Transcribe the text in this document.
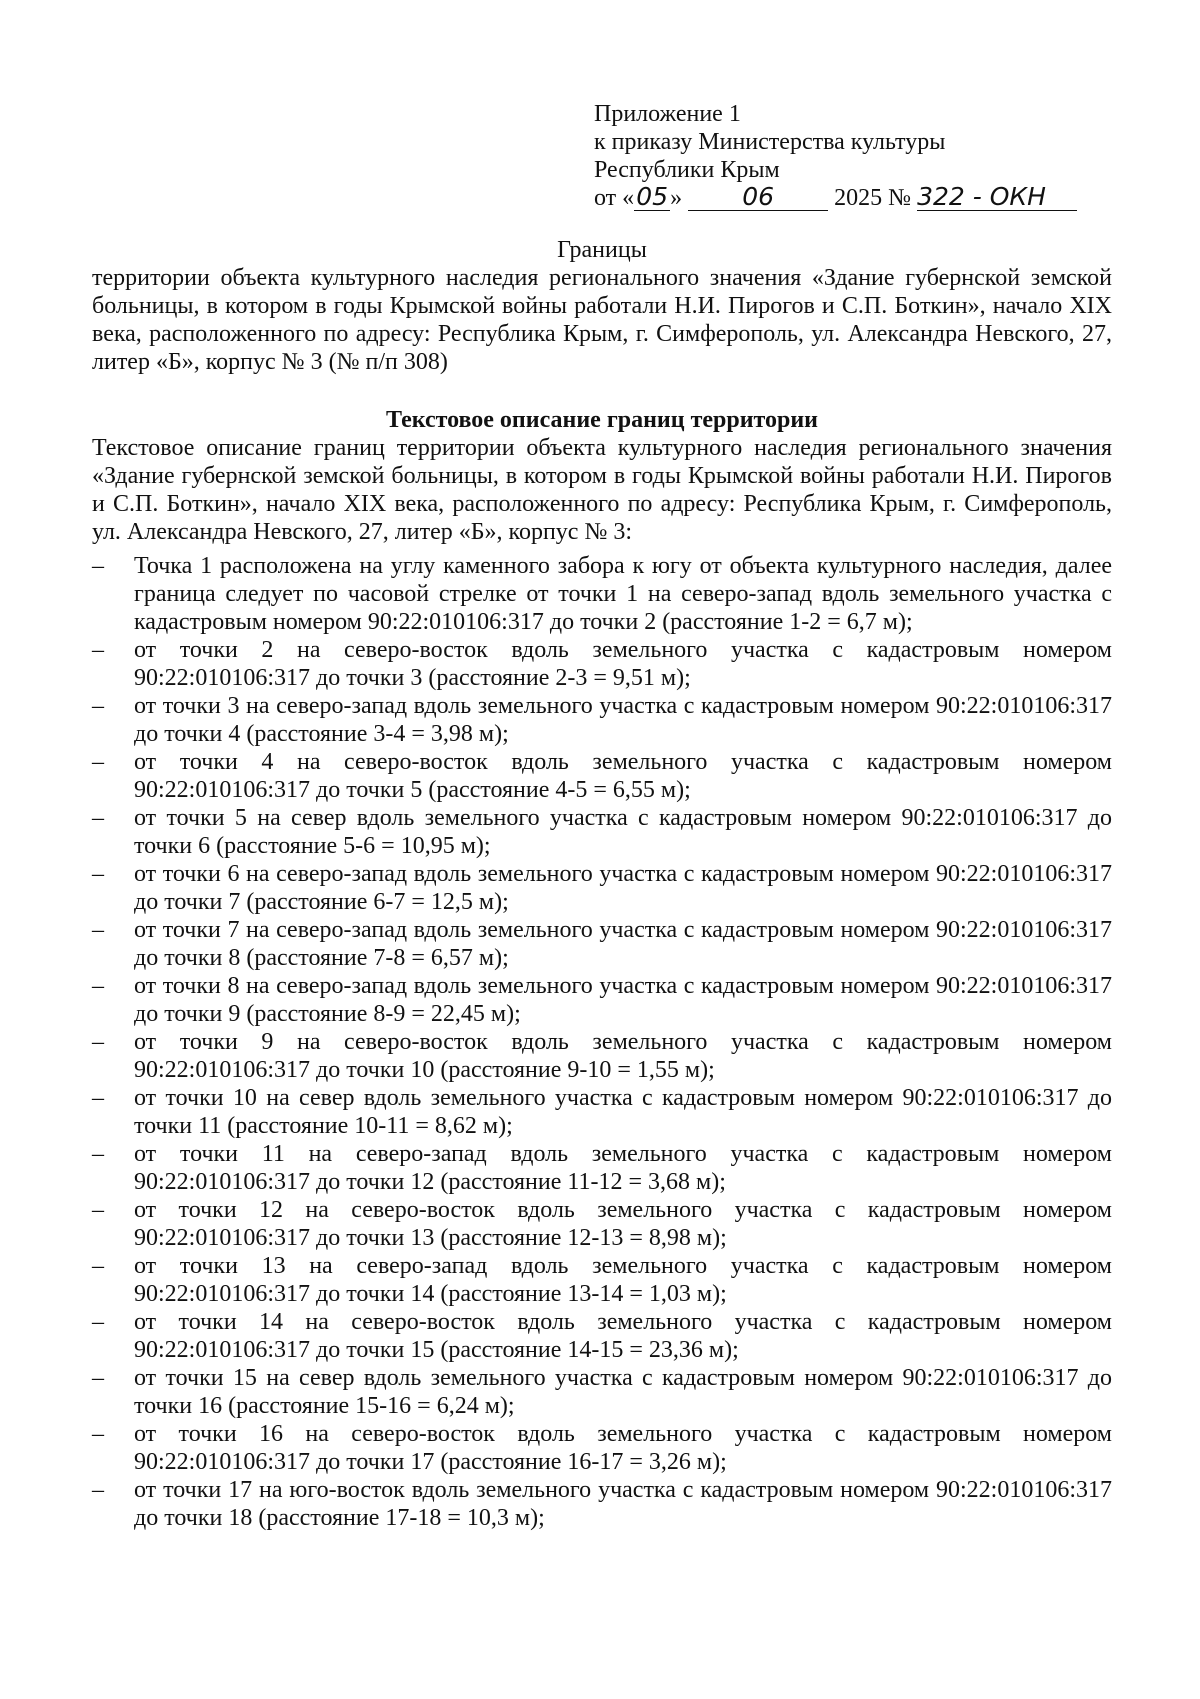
Приложение 1
к приказу Министерства культуры
Республики Крым
от «05» 06	2025 № 322 - ОКН
Границы
территории объекта культурного наследия регионального значения «Здание губернской земской больницы, в котором в годы Крымской войны работали Н.И. Пирогов и С.П. Боткин», начало XIX века, расположенного по адресу: Республика Крым, г. Симферополь, ул. Александра Невского, 27, литер «Б», корпус № 3 (№ п/п 308)
Текстовое описание границ территории
Текстовое описание границ территории объекта культурного наследия регионального значения «Здание губернской земской больницы, в котором в годы Крымской войны работали Н.И. Пирогов и С.П. Боткин», начало XIX века, расположенного по адресу: Республика Крым, г. Симферополь, ул. Александра Невского, 27, литер «Б», корпус № 3:
– Точка 1 расположена на углу каменного забора к югу от объекта культурного наследия, далее граница следует по часовой стрелке от точки 1 на северо-запад вдоль земельного участка с кадастровым номером 90:22:010106:317 до точки 2 (расстояние 1-2 = 6,7 м);
– от точки 2 на северо-восток вдоль земельного участка с кадастровым номером 90:22:010106:317 до точки 3 (расстояние 2-3 = 9,51 м);
– от точки 3 на северо-запад вдоль земельного участка с кадастровым номером 90:22:010106:317 до точки 4 (расстояние 3-4 = 3,98 м);
– от точки 4 на северо-восток вдоль земельного участка с кадастровым номером 90:22:010106:317 до точки 5 (расстояние 4-5 = 6,55 м);
– от точки 5 на север вдоль земельного участка с кадастровым номером 90:22:010106:317 до точки 6 (расстояние 5-6 = 10,95 м);
– от точки 6 на северо-запад вдоль земельного участка с кадастровым номером 90:22:010106:317 до точки 7 (расстояние 6-7 = 12,5 м);
– от точки 7 на северо-запад вдоль земельного участка с кадастровым номером 90:22:010106:317 до точки 8 (расстояние 7-8 = 6,57 м);
– от точки 8 на северо-запад вдоль земельного участка с кадастровым номером 90:22:010106:317 до точки 9 (расстояние 8-9 = 22,45 м);
– от точки 9 на северо-восток вдоль земельного участка с кадастровым номером 90:22:010106:317 до точки 10 (расстояние 9-10 = 1,55 м);
– от точки 10 на север вдоль земельного участка с кадастровым номером 90:22:010106:317 до точки 11 (расстояние 10-11 = 8,62 м);
– от точки 11 на северо-запад вдоль земельного участка с кадастровым номером 90:22:010106:317 до точки 12 (расстояние 11-12 = 3,68 м);
– от точки 12 на северо-восток вдоль земельного участка с кадастровым номером 90:22:010106:317 до точки 13 (расстояние 12-13 = 8,98 м);
– от точки 13 на северо-запад вдоль земельного участка с кадастровым номером 90:22:010106:317 до точки 14 (расстояние 13-14 = 1,03 м);
– от точки 14 на северо-восток вдоль земельного участка с кадастровым номером 90:22:010106:317 до точки 15 (расстояние 14-15 = 23,36 м);
– от точки 15 на север вдоль земельного участка с кадастровым номером 90:22:010106:317 до точки 16 (расстояние 15-16 = 6,24 м);
– от точки 16 на северо-восток вдоль земельного участка с кадастровым номером 90:22:010106:317 до точки 17 (расстояние 16-17 = 3,26 м);
– от точки 17 на юго-восток вдоль земельного участка с кадастровым номером 90:22:010106:317 до точки 18 (расстояние 17-18 = 10,3 м);
